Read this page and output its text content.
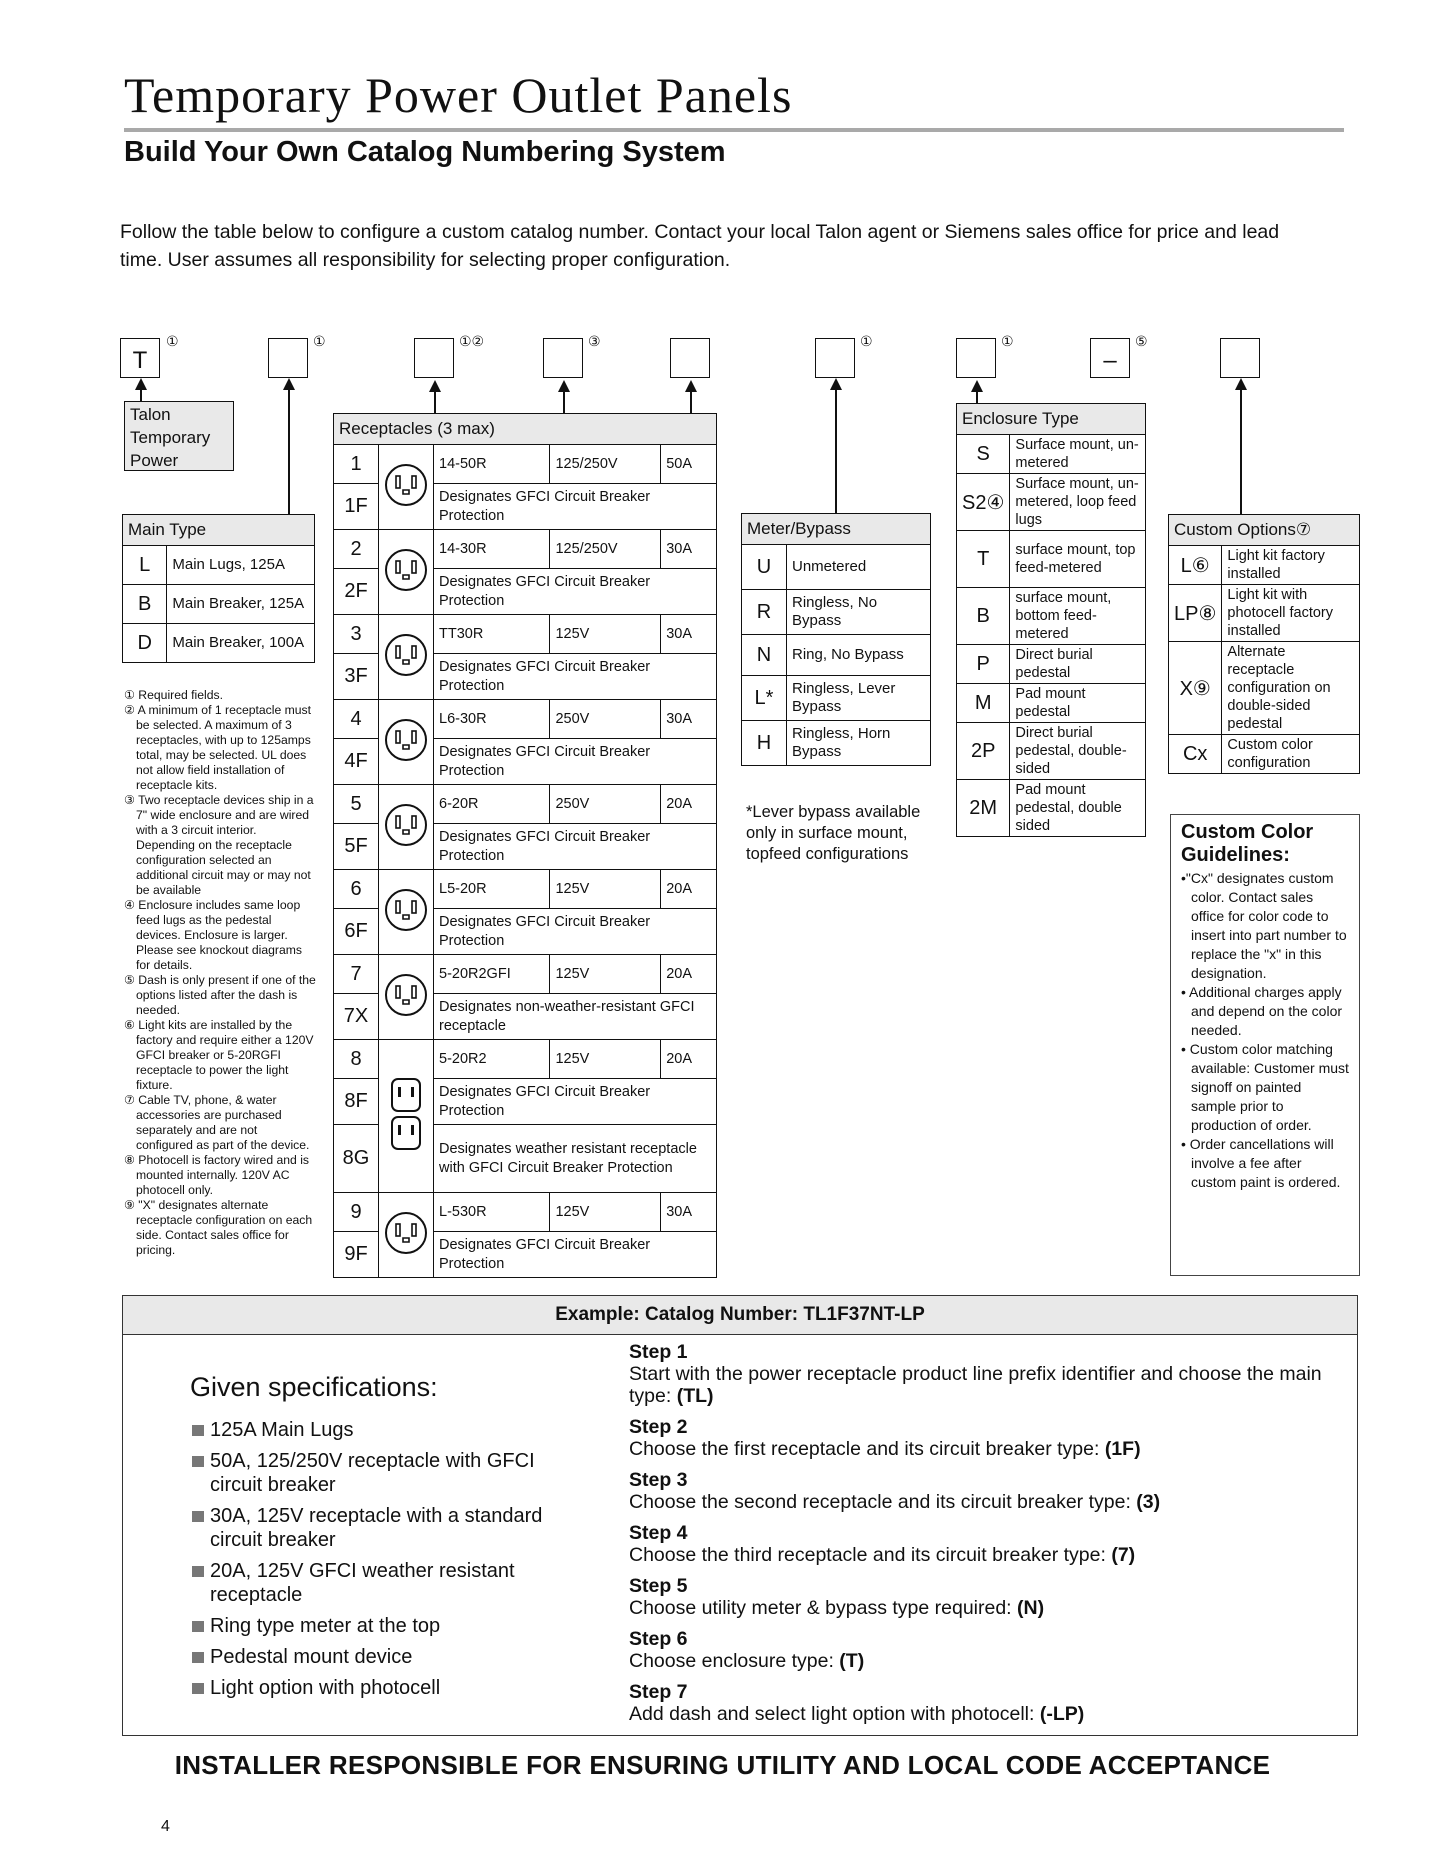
Temporary Power Outlet Panels
Build Your Own Catalog Numbering System
Follow the table below to configure a custom catalog number. Contact your local Talon agent or Siemens sales office for price and lead time. User assumes all responsibility for selecting proper configuration.
T
①	①	①②	③	①	①
–
⑤
Talon Temporary Power
Main Type	
L	Main Lugs, 125A
B	Main Breaker, 125A
D	Main Breaker, 100A
① Required fields.
② A minimum of 1 receptacle must be selected. A maximum of 3 receptacles, with up to 125amps total, may be selected. UL does not allow field installation of receptacle kits.
③ Two receptacle devices ship in a 7" wide enclosure and are wired with a 3 circuit interior. Depending on the receptacle configuration selected an additional circuit may or may not be available
④ Enclosure includes same loop feed lugs as the pedestal devices. Enclosure is larger. Please see knockout diagrams for details.
⑤ Dash is only present if one of the options listed after the dash is needed.
⑥ Light kits are installed by the factory and require either a 120V GFCI breaker or 5-20RGFI receptacle to power the light fixture.
⑦ Cable TV, phone, & water accessories are purchased separately and are not configured as part of the device.
⑧ Photocell is factory wired and is mounted internally. 120V AC photocell only.
⑨ "X" designates alternate receptacle configuration on each side. Contact sales office for pricing.
Receptacles (3 max)				
1		14-50R	125/250V	50A
1F		Designates GFCI Circuit Breaker Protection		
2		14-30R	125/250V	30A
2F		Designates GFCI Circuit Breaker Protection		
3		TT30R	125V	30A
3F		Designates GFCI Circuit Breaker Protection		
4		L6-30R	250V	30A
4F		Designates GFCI Circuit Breaker Protection		
5		6-20R	250V	20A
5F		Designates GFCI Circuit Breaker Protection		
6		L5-20R	125V	20A
6F		Designates GFCI Circuit Breaker Protection		
7		5-20R2GFI	125V	20A
7X		Designates non-weather-resistant GFCI receptacle		
8		5-20R2	125V	20A
8F		Designates GFCI Circuit Breaker Protection		
8G		Designates weather resistant receptacle with GFCI Circuit Breaker Protection		
9		L-530R	125V	30A
9F		Designates GFCI Circuit Breaker Protection		
Meter/Bypass	
U	Unmetered
R	Ringless, No Bypass
N	Ring, No Bypass
L*	Ringless, Lever Bypass
H	Ringless, Horn Bypass
*Lever bypass available only in surface mount, topfeed configurations
Enclosure Type	
S	Surface mount, un-metered
S2④	Surface mount, un-metered, loop feed lugs
T	surface mount, top feed-metered
B	surface mount, bottom feed-metered
P	Direct burial pedestal
M	Pad mount pedestal
2P	Direct burial pedestal, double-sided
2M	Pad mount pedestal, double sided
Custom Options⑦	
L⑥	Light kit factory installed
LP⑧	Light kit with photocell factory installed
X⑨	Alternate receptacle configuration on double-sided pedestal
Cx	Custom color configuration
Custom Color Guidelines:
•"Cx" designates custom color. Contact sales office for color code to insert into part number to replace the "x" in this designation.
• Additional charges apply and depend on the color needed.
• Custom color matching available: Customer must signoff on painted sample prior to production of order.
• Order cancellations will involve a fee after custom paint is ordered.
Example: Catalog Number: TL1F37NT-LP
Given specifications:
125A Main Lugs
50A, 125/250V receptacle with GFCI circuit breaker
30A, 125V receptacle with a standard circuit breaker
20A, 125V GFCI weather resistant receptacle
Ring type meter at the top
Pedestal mount device
Light option with photocell
Step 1
Start with the power receptacle product line prefix identifier and choose the main type: (TL)
Step 2
Choose the first receptacle and its circuit breaker type: (1F)
Step 3
Choose the second receptacle and its circuit breaker type: (3)
Step 4
Choose the third receptacle and its circuit breaker type: (7)
Step 5
Choose utility meter & bypass type required: (N)
Step 6
Choose enclosure type: (T)
Step 7
Add dash and select light option with photocell: (-LP)
INSTALLER RESPONSIBLE FOR ENSURING UTILITY AND LOCAL CODE ACCEPTANCE
4
